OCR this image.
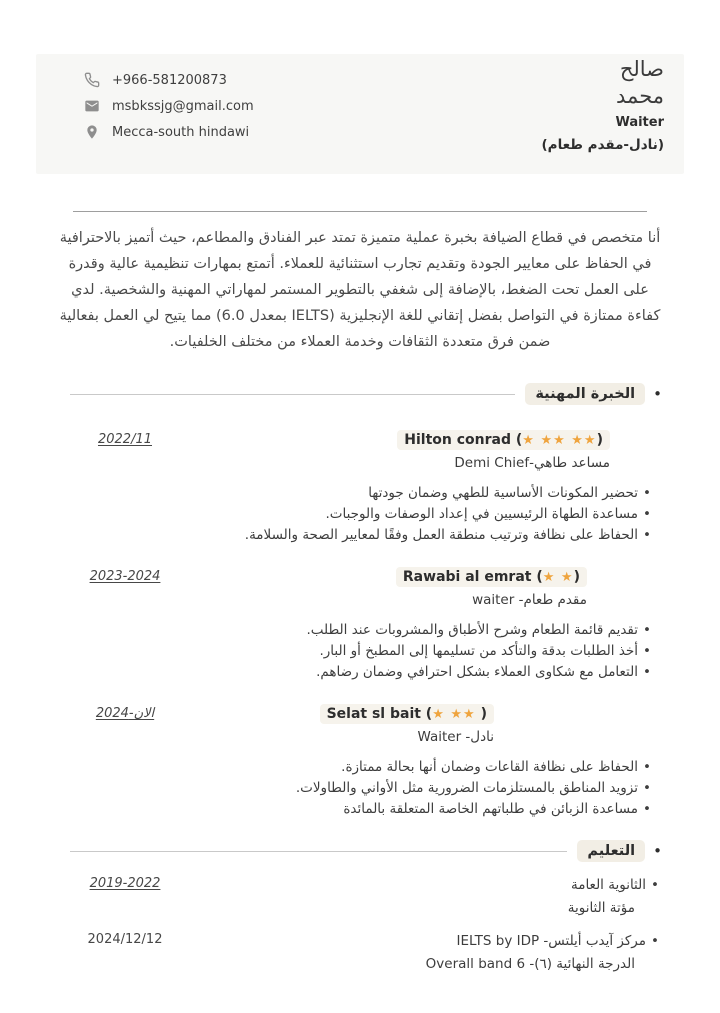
+966-581200873
msbkssjg@gmail.com
Mecca-south hindawi
صالح
محمد
Waiter
(نادل-مقدم طعام)
أنا متخصص في قطاع الضيافة بخبرة عملية متميزة تمتد عبر الفنادق والمطاعم، حيث أتميز بالاحترافية في الحفاظ على معايير الجودة وتقديم تجارب استثنائية للعملاء. أتمتع بمهارات تنظيمية عالية وقدرة على العمل تحت الضغط، بالإضافة إلى شغفي بالتطوير المستمر لمهاراتي المهنية والشخصية. لدي كفاءة ممتازة في التواصل بفضل إتقاني للغة الإنجليزية (IELTS بمعدل 6.0) مما يتيح لي العمل بفعالية ضمن فرق متعددة الثقافات وخدمة العملاء من مختلف الخلفيات.
•
الخبرة المهنية
2022/11	Hilton conrad (★ ★★ ★★)
مساعد طاهي-Demi Chief
• تحضير المكونات الأساسية للطهي وضمان جودتها
• مساعدة الطهاة الرئيسيين في إعداد الوصفات والوجبات.
• الحفاظ على نظافة وترتيب منطقة العمل وفقًا لمعايير الصحة والسلامة.
2023-2024	Rawabi al emrat (★ ★)
مقدم طعام- waiter
• تقديم قائمة الطعام وشرح الأطباق والمشروبات عند الطلب.
• أخذ الطلبات بدقة والتأكد من تسليمها إلى المطبخ أو البار.
• التعامل مع شكاوى العملاء بشكل احترافي وضمان رضاهم.
الان-2024	Selat sl bait (★ ★★ )
نادل- Waiter
• الحفاظ على نظافة القاعات وضمان أنها بحالة ممتازة.
• تزويد المناطق بالمستلزمات الضرورية مثل الأواني والطاولات.
• مساعدة الزبائن في طلباتهم الخاصة المتعلقة بالمائدة
•
التعليم
2019-2022	• الثانوية العامة
مؤتة الثانوية
2024/12/12	• مركز آيدب أيلتس- IELTS by IDP
الدرجة النهائية (٦)- Overall band 6
